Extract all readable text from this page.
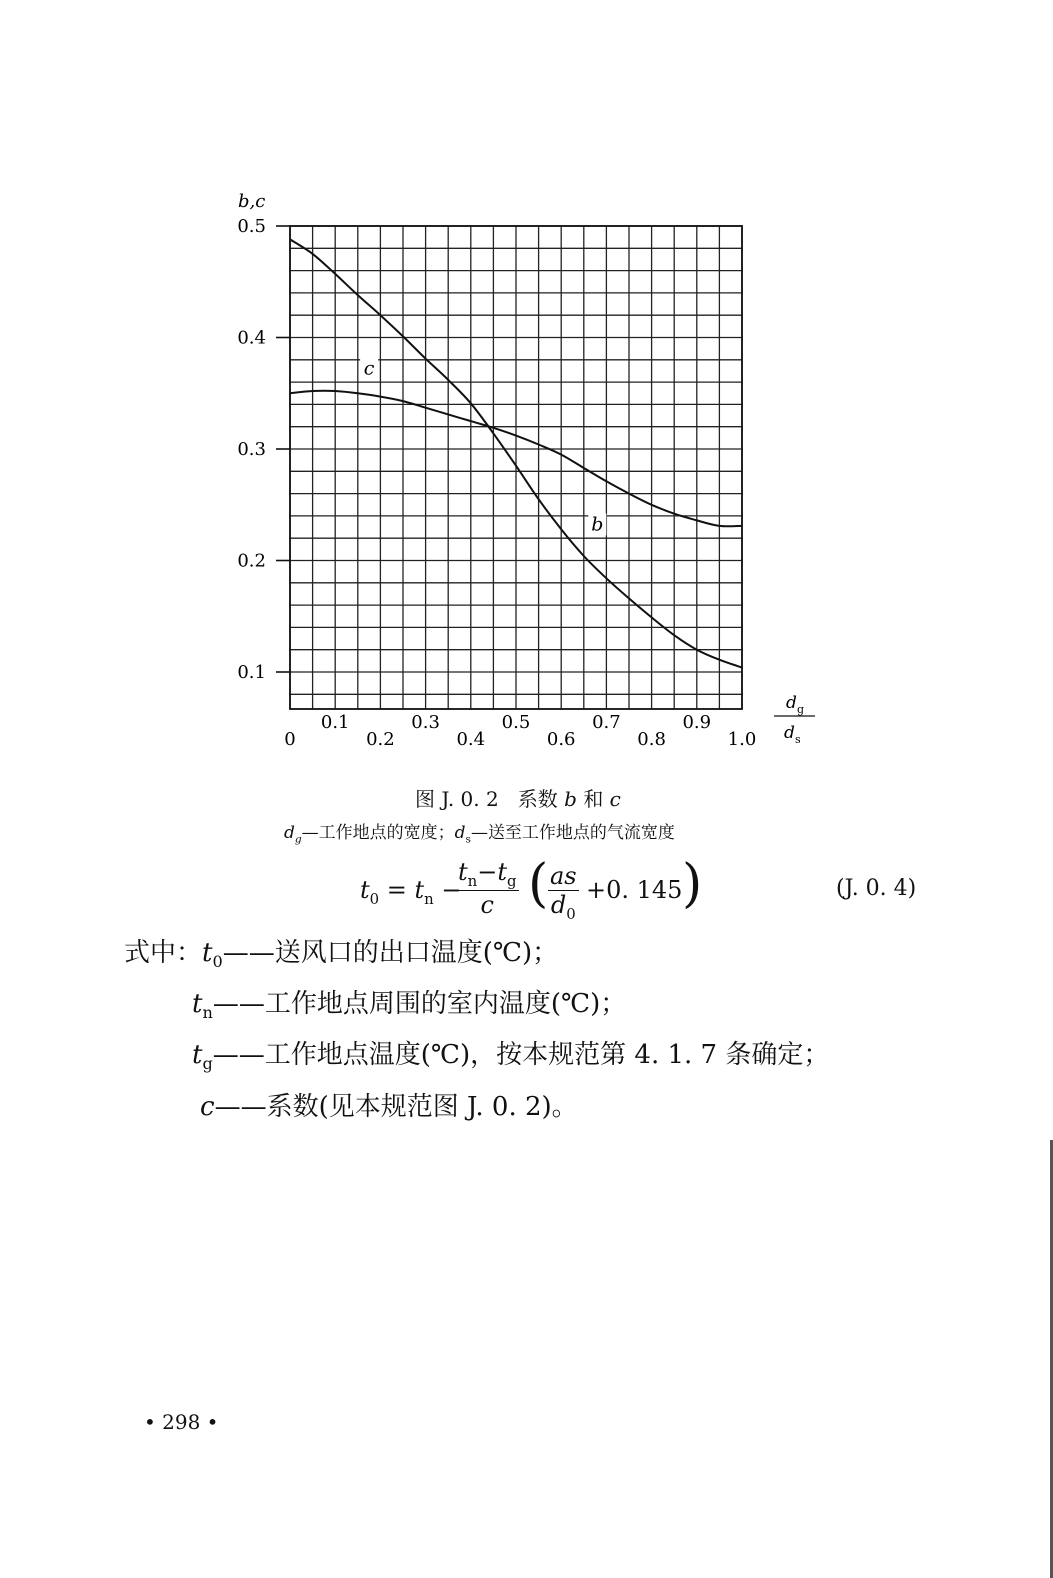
0.5
0.4
0.3
0.2
0.1
0
0.1
0.2
0.3
0.4
0.5
0.6
0.7
0.8
0.9
1.0
b,c
d g
d s
c
b
图 J. 0. 2 系数 b 和 c
$d_g—$工作地点的宽度；$d_s—$送至工作地点的气流宽度
$t_0 = t_n$ −
$\frac{t_n-t_g}{c}$ ( $\frac{as}{d_0} +0$. 145 )	(J. 0. 4)
式中：$t_0——$送风口的出口温度(℃)；
$t_n——$工作地点周围的室内温度(℃)；
$t_g——$工作地点温度(℃)，按本规范第 4. 1. 7 条确定；
c——系数(见本规范图 J. 0. 2)。
• 298 •
